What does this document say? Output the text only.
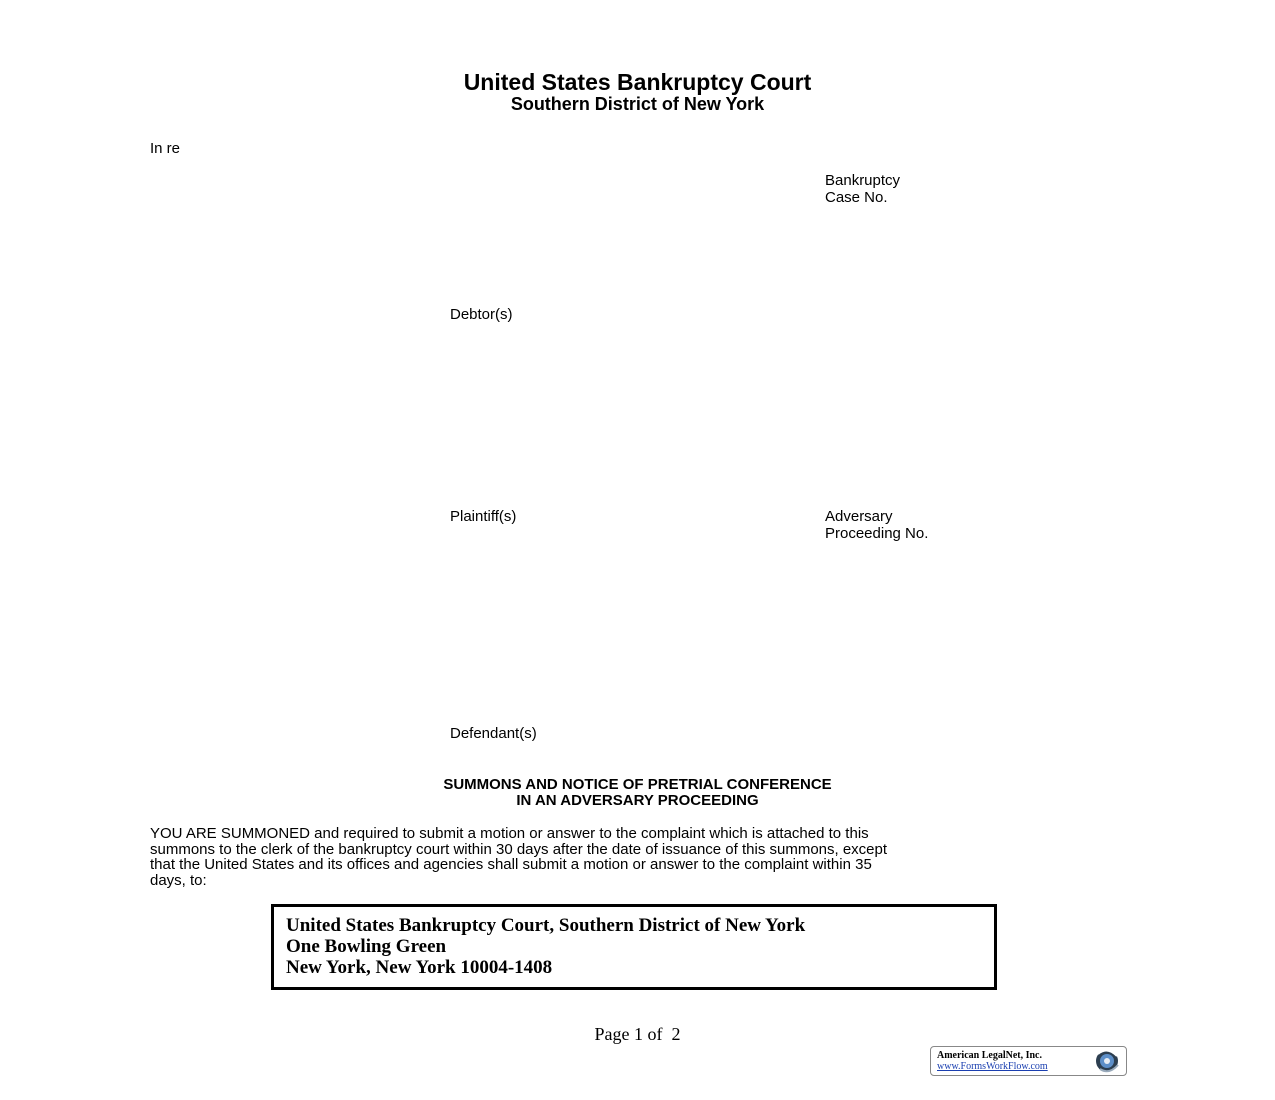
United States Bankruptcy Court
Southern District of New York
In re
Bankruptcy
Case No.
Debtor(s)
Plaintiff(s)	Adversary
Proceeding No.
Defendant(s)
SUMMONS AND NOTICE OF PRETRIAL CONFERENCE
IN AN ADVERSARY PROCEEDING
YOU ARE SUMMONED and required to submit a motion or answer to the complaint which is attached to this
summons to the clerk of the bankruptcy court within 30 days after the date of issuance of this summons, except
that the United States and its offices and agencies shall submit a motion or answer to the complaint within 35
days, to:
United States Bankruptcy Court, Southern District of New York
One Bowling Green
New York, New York 10004-1408
Page 1 of  2
American LegalNet, Inc.
www.FormsWorkFlow.com
